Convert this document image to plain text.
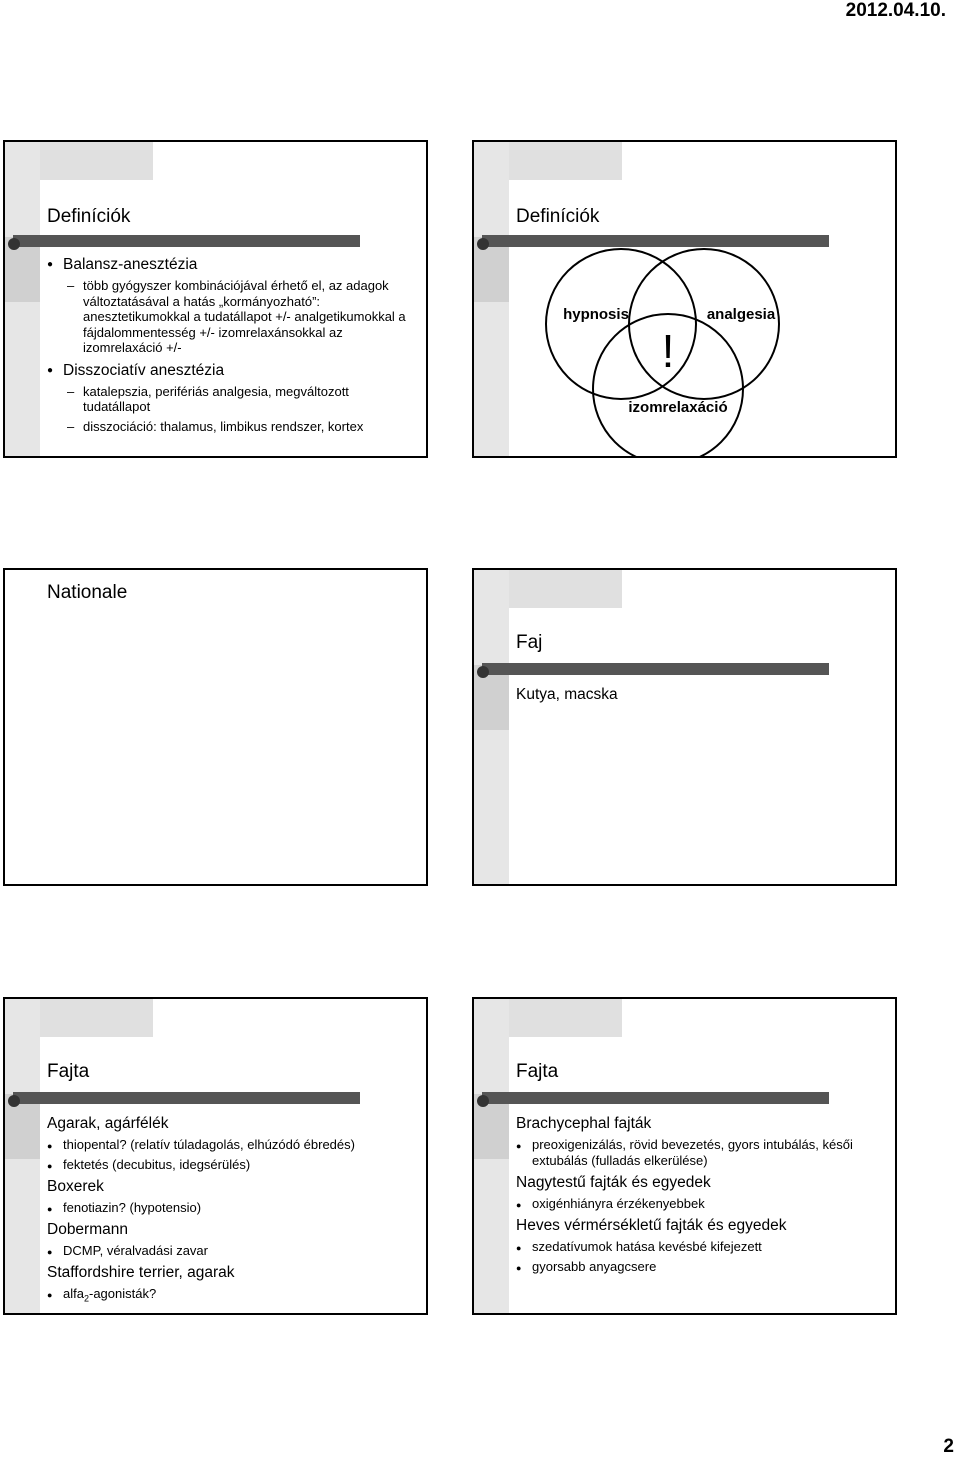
2012.04.10.
Definíciók
● Balansz-anesztézia
– több gyógyszer kombinációjával érhető el, az adagok változtatásával a hatás „kormányozható”: anesztetikumokkal a tudatállapot +/- analgetikumokkal a fájdalommentesség +/- izomrelaxánsokkal az izomrelaxáció +/-
● Disszociatív anesztézia
– katalepszia, perifériás analgesia, megváltozott tudatállapot
– disszociáció: thalamus, limbikus rendszer, kortex
Definíciók
hypnosis	analgesia
izomrelaxáció
!
Nationale
Faj
Kutya, macska
Fajta
Agarak, agárfélék
● thiopental? (relatív túladagolás, elhúzódó ébredés)
● fektetés (decubitus, idegsérülés)
Boxerek
● fenotiazin? (hypotensio)
Dobermann
● DCMP, véralvadási zavar
Staffordshire terrier, agarak
● alfa$_2$-agonisták?
Fajta
Brachycephal fajták
● preoxigenizálás, rövid bevezetés, gyors intubálás, késői extubálás (fulladás elkerülése)
Nagytestű fajták és egyedek
● oxigénhiányra érzékenyebbek
Heves vérmérsékletű fajták és egyedek
● szedatívumok hatása kevésbé kifejezett
● gyorsabb anyagcsere
2
